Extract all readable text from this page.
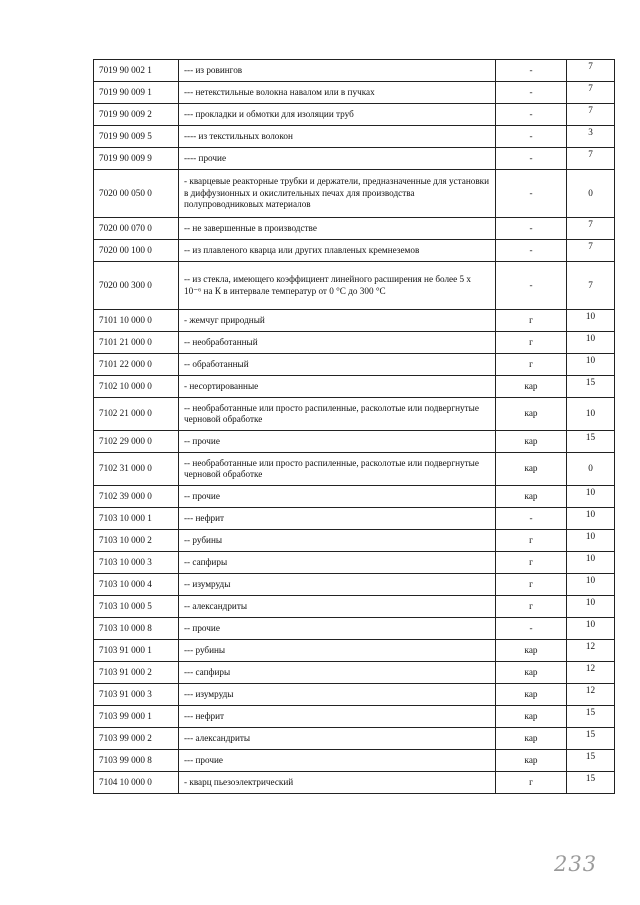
7019 90 002 1	--- из ровингов	-	7
7019 90 009 1	--- нетекстильные волокна навалом или в пучках	-	7
7019 90 009 2	--- прокладки и обмотки для изоляции труб	-	7
7019 90 009 5	---- из текстильных волокон	-	3
7019 90 009 9	---- прочие	-	7
7020 00 050 0	- кварцевые реакторные трубки и держатели, предназначенные для установки в диффузионных и окислительных печах для производства полупроводниковых материалов	-	0
7020 00 070 0	-- не завершенные в производстве	-	7
7020 00 100 0	-- из плавленого кварца или других плавленых кремнеземов	-	7
7020 00 300 0	-- из стекла, имеющего коэффициент линейного расширения не более 5 х 10⁻⁶ на К в интервале температур от 0 °С до 300 °С	-	7
7101 10 000 0	- жемчуг природный	г	10
7101 21 000 0	-- необработанный	г	10
7101 22 000 0	-- обработанный	г	10
7102 10 000 0	- несортированные	кар	15
7102 21 000 0	-- необработанные или просто распиленные, расколотые или подвергнутые черновой обработке	кар	10
7102 29 000 0	-- прочие	кар	15
7102 31 000 0	-- необработанные или просто распиленные, расколотые или подвергнутые черновой обработке	кар	0
7102 39 000 0	-- прочие	кар	10
7103 10 000 1	--- нефрит	-	10
7103 10 000 2	-- рубины	г	10
7103 10 000 3	-- сапфиры	г	10
7103 10 000 4	-- изумруды	г	10
7103 10 000 5	-- александриты	г	10
7103 10 000 8	-- прочие	-	10
7103 91 000 1	--- рубины	кар	12
7103 91 000 2	--- сапфиры	кар	12
7103 91 000 3	--- изумруды	кар	12
7103 99 000 1	--- нефрит	кар	15
7103 99 000 2	--- александриты	кар	15
7103 99 000 8	--- прочие	кар	15
7104 10 000 0	- кварц пьезоэлектрический	г	15
233
